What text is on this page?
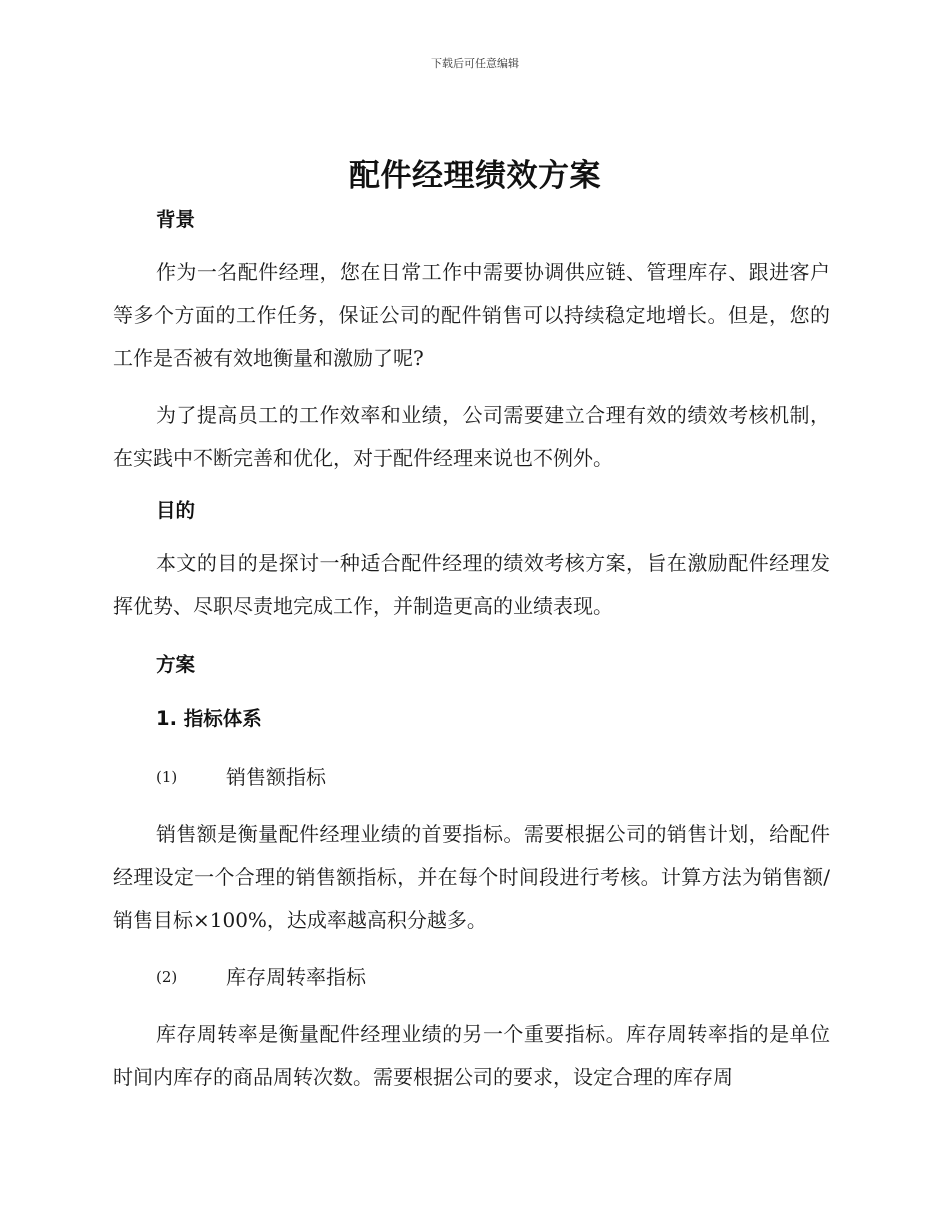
下载后可任意编辑
配件经理绩效方案
背景

作为一名配件经理，您在日常工作中需要协调供应链、管理库存、跟进客户等多个方面的工作任务，保证公司的配件销售可以持续稳定地增长。但是，您的工作是否被有效地衡量和激励了呢?

为了提高员工的工作效率和业绩，公司需要建立合理有效的绩效考核机制，在实践中不断完善和优化，对于配件经理来说也不例外。

目的

本文的目的是探讨一种适合配件经理的绩效考核方案，旨在激励配件经理发挥优势、尽职尽责地完成工作，并制造更高的业绩表现。

方案
1. 指标体系
(1)	销售额指标

销售额是衡量配件经理业绩的首要指标。需要根据公司的销售计划，给配件经理设定一个合理的销售额指标，并在每个时间段进行考核。计算方法为销售额/销售目标×100%，达成率越高积分越多。

(2)	库存周转率指标

库存周转率是衡量配件经理业绩的另一个重要指标。库存周转率指的是单位时间内库存的商品周转次数。需要根据公司的要求，设定合理的库存周
